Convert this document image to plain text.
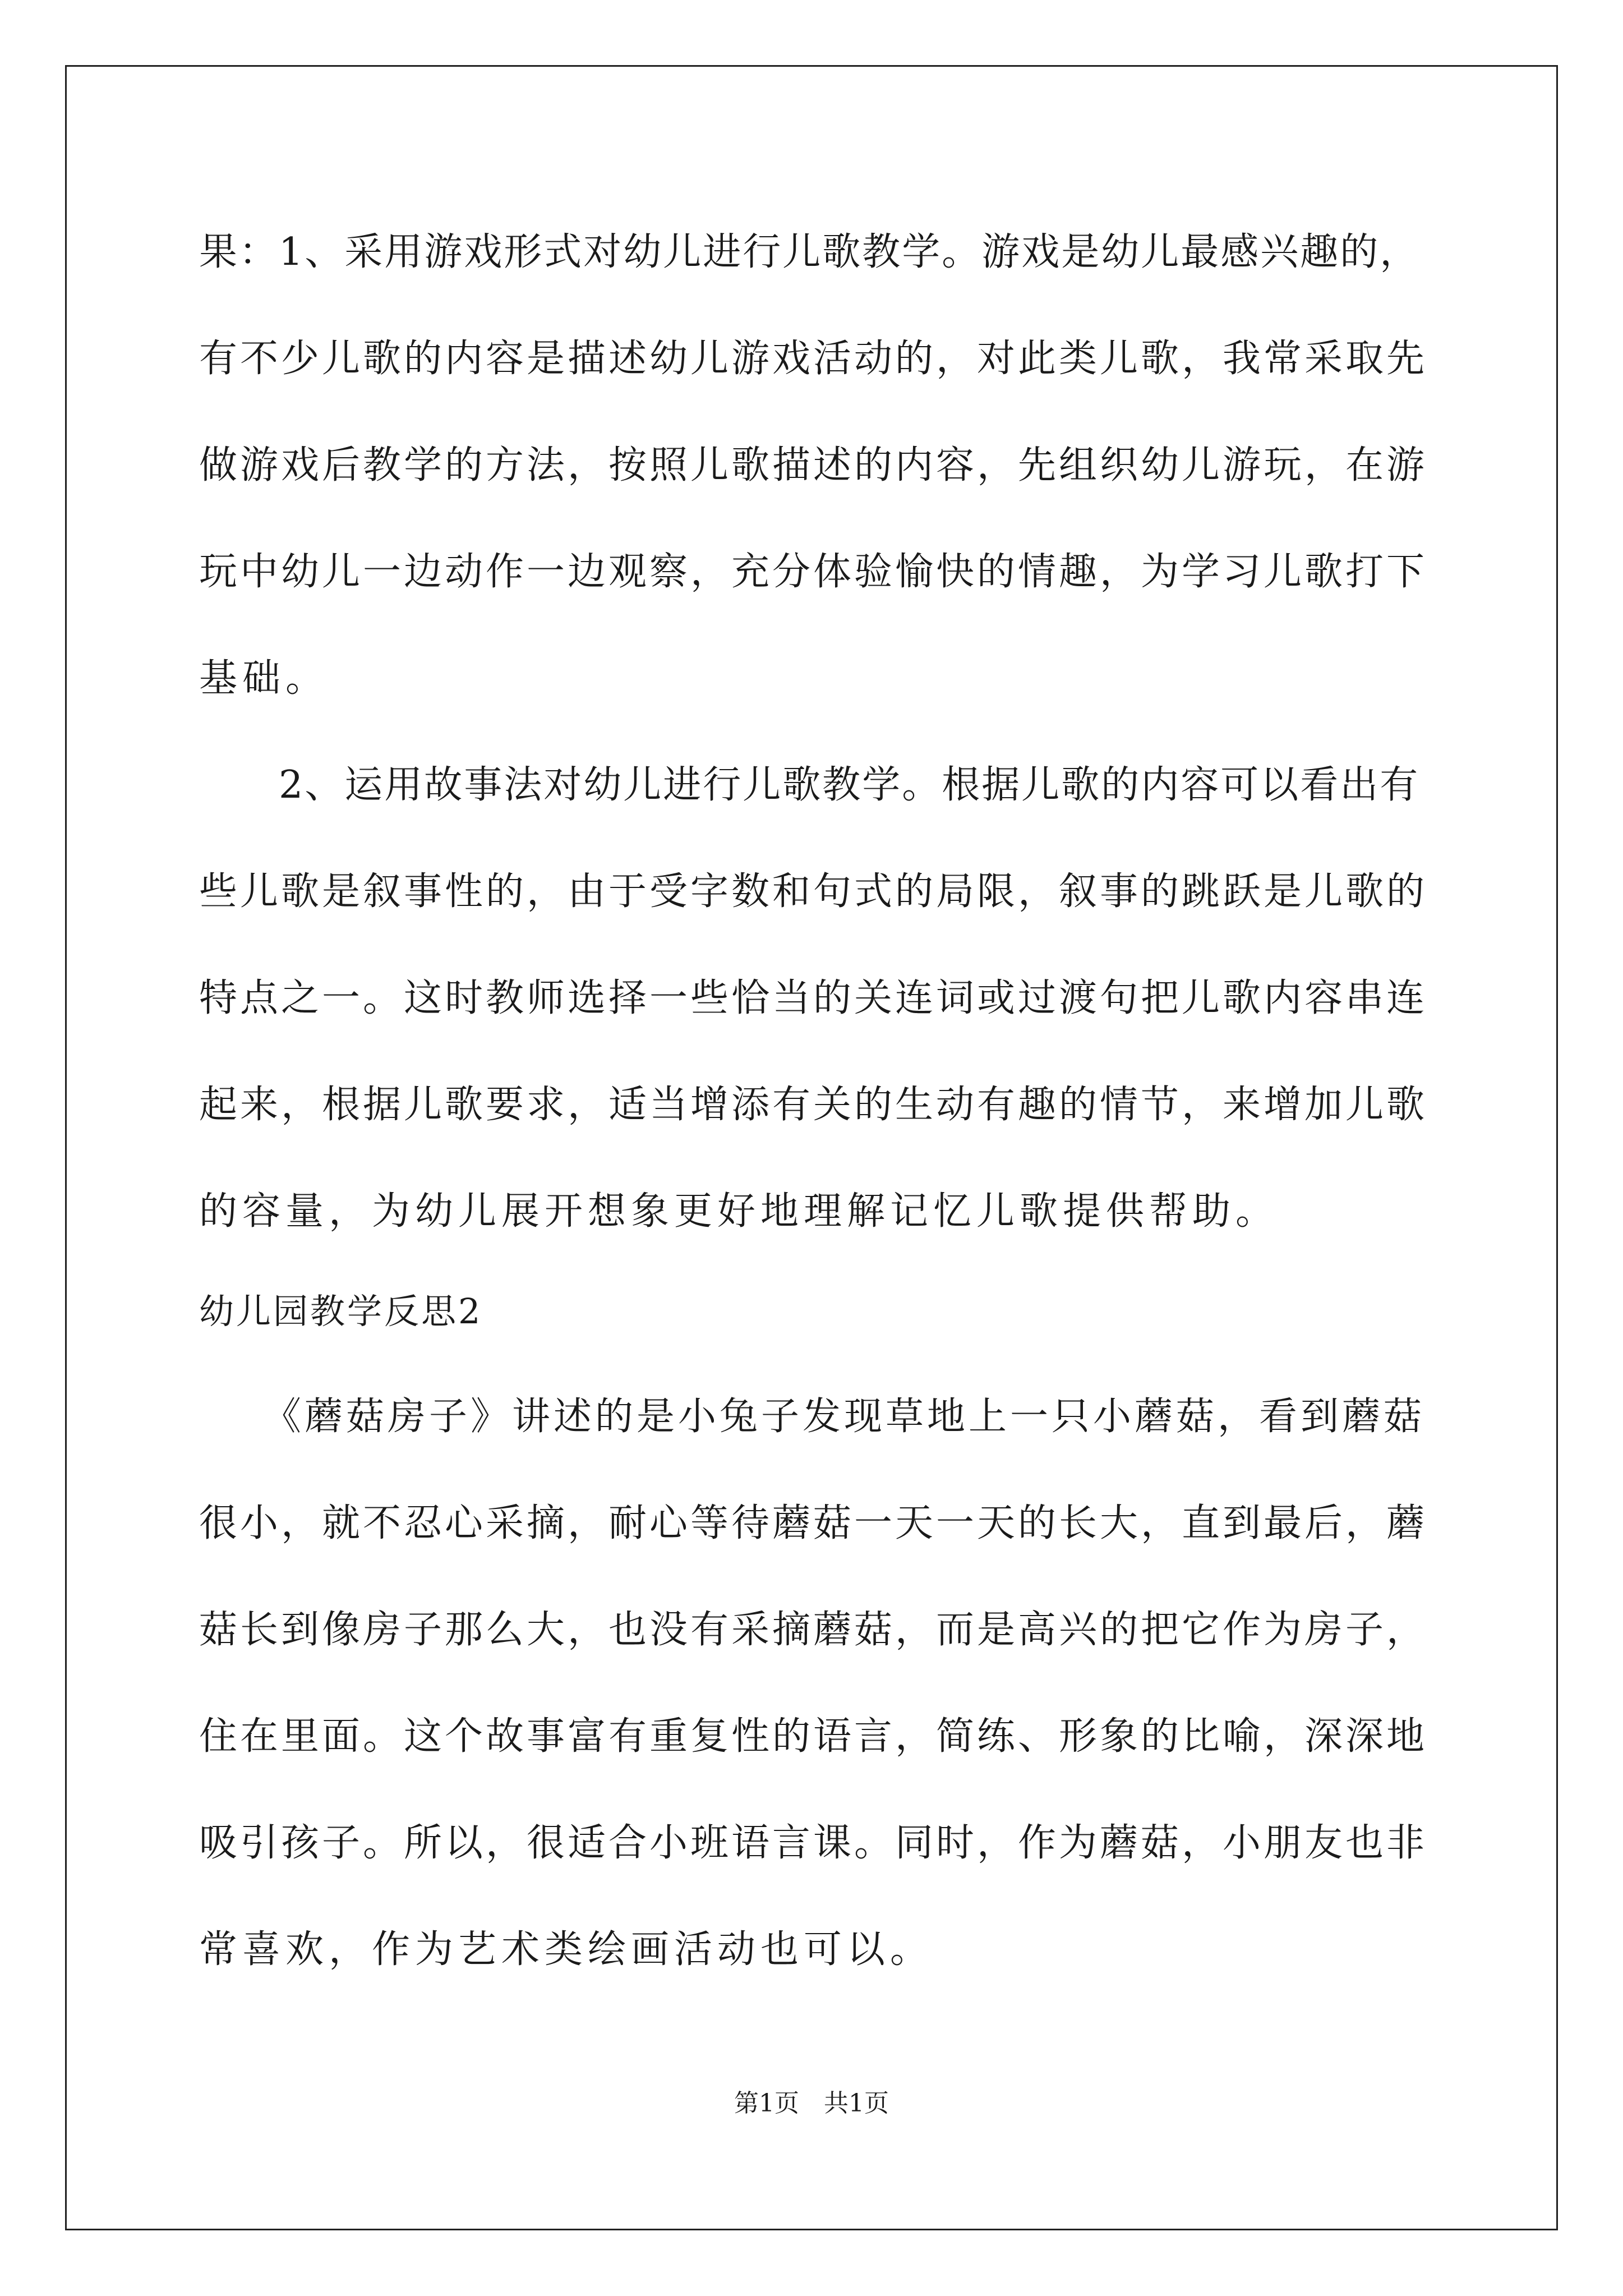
果：1、采用游戏形式对幼儿进行儿歌教学。游戏是幼儿最感兴趣的，
有不少儿歌的内容是描述幼儿游戏活动的，对此类儿歌，我常采取先
做游戏后教学的方法，按照儿歌描述的内容，先组织幼儿游玩，在游
玩中幼儿一边动作一边观察，充分体验愉快的情趣，为学习儿歌打下
基础。
　　2、运用故事法对幼儿进行儿歌教学。根据儿歌的内容可以看出有
些儿歌是叙事性的，由于受字数和句式的局限，叙事的跳跃是儿歌的
特点之一。这时教师选择一些恰当的关连词或过渡句把儿歌内容串连
起来，根据儿歌要求，适当增添有关的生动有趣的情节，来增加儿歌
的容量，为幼儿展开想象更好地理解记忆儿歌提供帮助。
幼儿园教学反思2
　　《蘑菇房子》讲述的是小兔子发现草地上一只小蘑菇，看到蘑菇
很小，就不忍心采摘，耐心等待蘑菇一天一天的长大，直到最后，蘑
菇长到像房子那么大，也没有采摘蘑菇，而是高兴的把它作为房子，
住在里面。这个故事富有重复性的语言，简练、形象的比喻，深深地
吸引孩子。所以，很适合小班语言课。同时，作为蘑菇，小朋友也非
常喜欢，作为艺术类绘画活动也可以。
第1页　共1页
